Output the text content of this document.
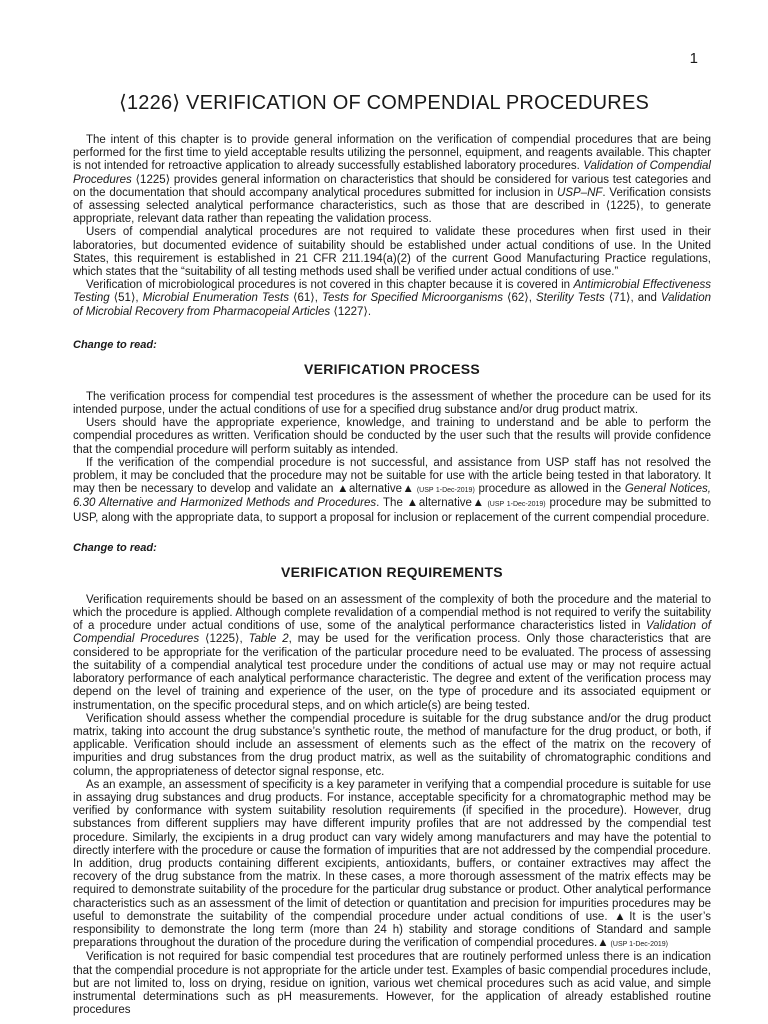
1
⟨1226⟩ VERIFICATION OF COMPENDIAL PROCEDURES

The intent of this chapter is to provide general information on the verification of compendial procedures that are being performed for the first time to yield acceptable results utilizing the personnel, equipment, and reagents available. This chapter is not intended for retroactive application to already successfully established laboratory procedures. Validation of Compendial Procedures ⟨1225⟩ provides general information on characteristics that should be considered for various test categories and on the documentation that should accompany analytical procedures submitted for inclusion in USP–NF. Verification consists of assessing selected analytical performance characteristics, such as those that are described in ⟨1225⟩, to generate appropriate, relevant data rather than repeating the validation process.

Users of compendial analytical procedures are not required to validate these procedures when first used in their laboratories, but documented evidence of suitability should be established under actual conditions of use. In the United States, this requirement is established in 21 CFR 211.194(a)(2) of the current Good Manufacturing Practice regulations, which states that the “suitability of all testing methods used shall be verified under actual conditions of use.”

Verification of microbiological procedures is not covered in this chapter because it is covered in Antimicrobial Effectiveness Testing ⟨51⟩, Microbial Enumeration Tests ⟨61⟩, Tests for Specified Microorganisms ⟨62⟩, Sterility Tests ⟨71⟩, and Validation of Microbial Recovery from Pharmacopeial Articles ⟨1227⟩.

Change to read:
VERIFICATION PROCESS

The verification process for compendial test procedures is the assessment of whether the procedure can be used for its intended purpose, under the actual conditions of use for a specified drug substance and/or drug product matrix.

Users should have the appropriate experience, knowledge, and training to understand and be able to perform the compendial procedures as written. Verification should be conducted by the user such that the results will provide confidence that the compendial procedure will perform suitably as intended.

If the verification of the compendial procedure is not successful, and assistance from USP staff has not resolved the problem, it may be concluded that the procedure may not be suitable for use with the article being tested in that laboratory. It may then be necessary to develop and validate an ▲alternative▲ (USP 1-Dec-2019) procedure as allowed in the General Notices, 6.30 Alternative and Harmonized Methods and Procedures. The ▲alternative▲ (USP 1-Dec-2019) procedure may be submitted to USP, along with the appropriate data, to support a proposal for inclusion or replacement of the current compendial procedure.

Change to read:
VERIFICATION REQUIREMENTS

Verification requirements should be based on an assessment of the complexity of both the procedure and the material to which the procedure is applied. Although complete revalidation of a compendial method is not required to verify the suitability of a procedure under actual conditions of use, some of the analytical performance characteristics listed in Validation of Compendial Procedures ⟨1225⟩, Table 2, may be used for the verification process. Only those characteristics that are considered to be appropriate for the verification of the particular procedure need to be evaluated. The process of assessing the suitability of a compendial analytical test procedure under the conditions of actual use may or may not require actual laboratory performance of each analytical performance characteristic. The degree and extent of the verification process may depend on the level of training and experience of the user, on the type of procedure and its associated equipment or instrumentation, on the specific procedural steps, and on which article(s) are being tested.

Verification should assess whether the compendial procedure is suitable for the drug substance and/or the drug product matrix, taking into account the drug substance’s synthetic route, the method of manufacture for the drug product, or both, if applicable. Verification should include an assessment of elements such as the effect of the matrix on the recovery of impurities and drug substances from the drug product matrix, as well as the suitability of chromatographic conditions and column, the appropriateness of detector signal response, etc.

As an example, an assessment of specificity is a key parameter in verifying that a compendial procedure is suitable for use in assaying drug substances and drug products. For instance, acceptable specificity for a chromatographic method may be verified by conformance with system suitability resolution requirements (if specified in the procedure). However, drug substances from different suppliers may have different impurity profiles that are not addressed by the compendial test procedure. Similarly, the excipients in a drug product can vary widely among manufacturers and may have the potential to directly interfere with the procedure or cause the formation of impurities that are not addressed by the compendial procedure. In addition, drug products containing different excipients, antioxidants, buffers, or container extractives may affect the recovery of the drug substance from the matrix. In these cases, a more thorough assessment of the matrix effects may be required to demonstrate suitability of the procedure for the particular drug substance or product. Other analytical performance characteristics such as an assessment of the limit of detection or quantitation and precision for impurities procedures may be useful to demonstrate the suitability of the compendial procedure under actual conditions of use. ▲It is the user’s responsibility to demonstrate the long term (more than 24 h) stability and storage conditions of Standard and sample preparations throughout the duration of the procedure during the verification of compendial procedures.▲ (USP 1-Dec-2019)

Verification is not required for basic compendial test procedures that are routinely performed unless there is an indication that the compendial procedure is not appropriate for the article under test. Examples of basic compendial procedures include, but are not limited to, loss on drying, residue on ignition, various wet chemical procedures such as acid value, and simple instrumental determinations such as pH measurements. However, for the application of already established routine procedures
